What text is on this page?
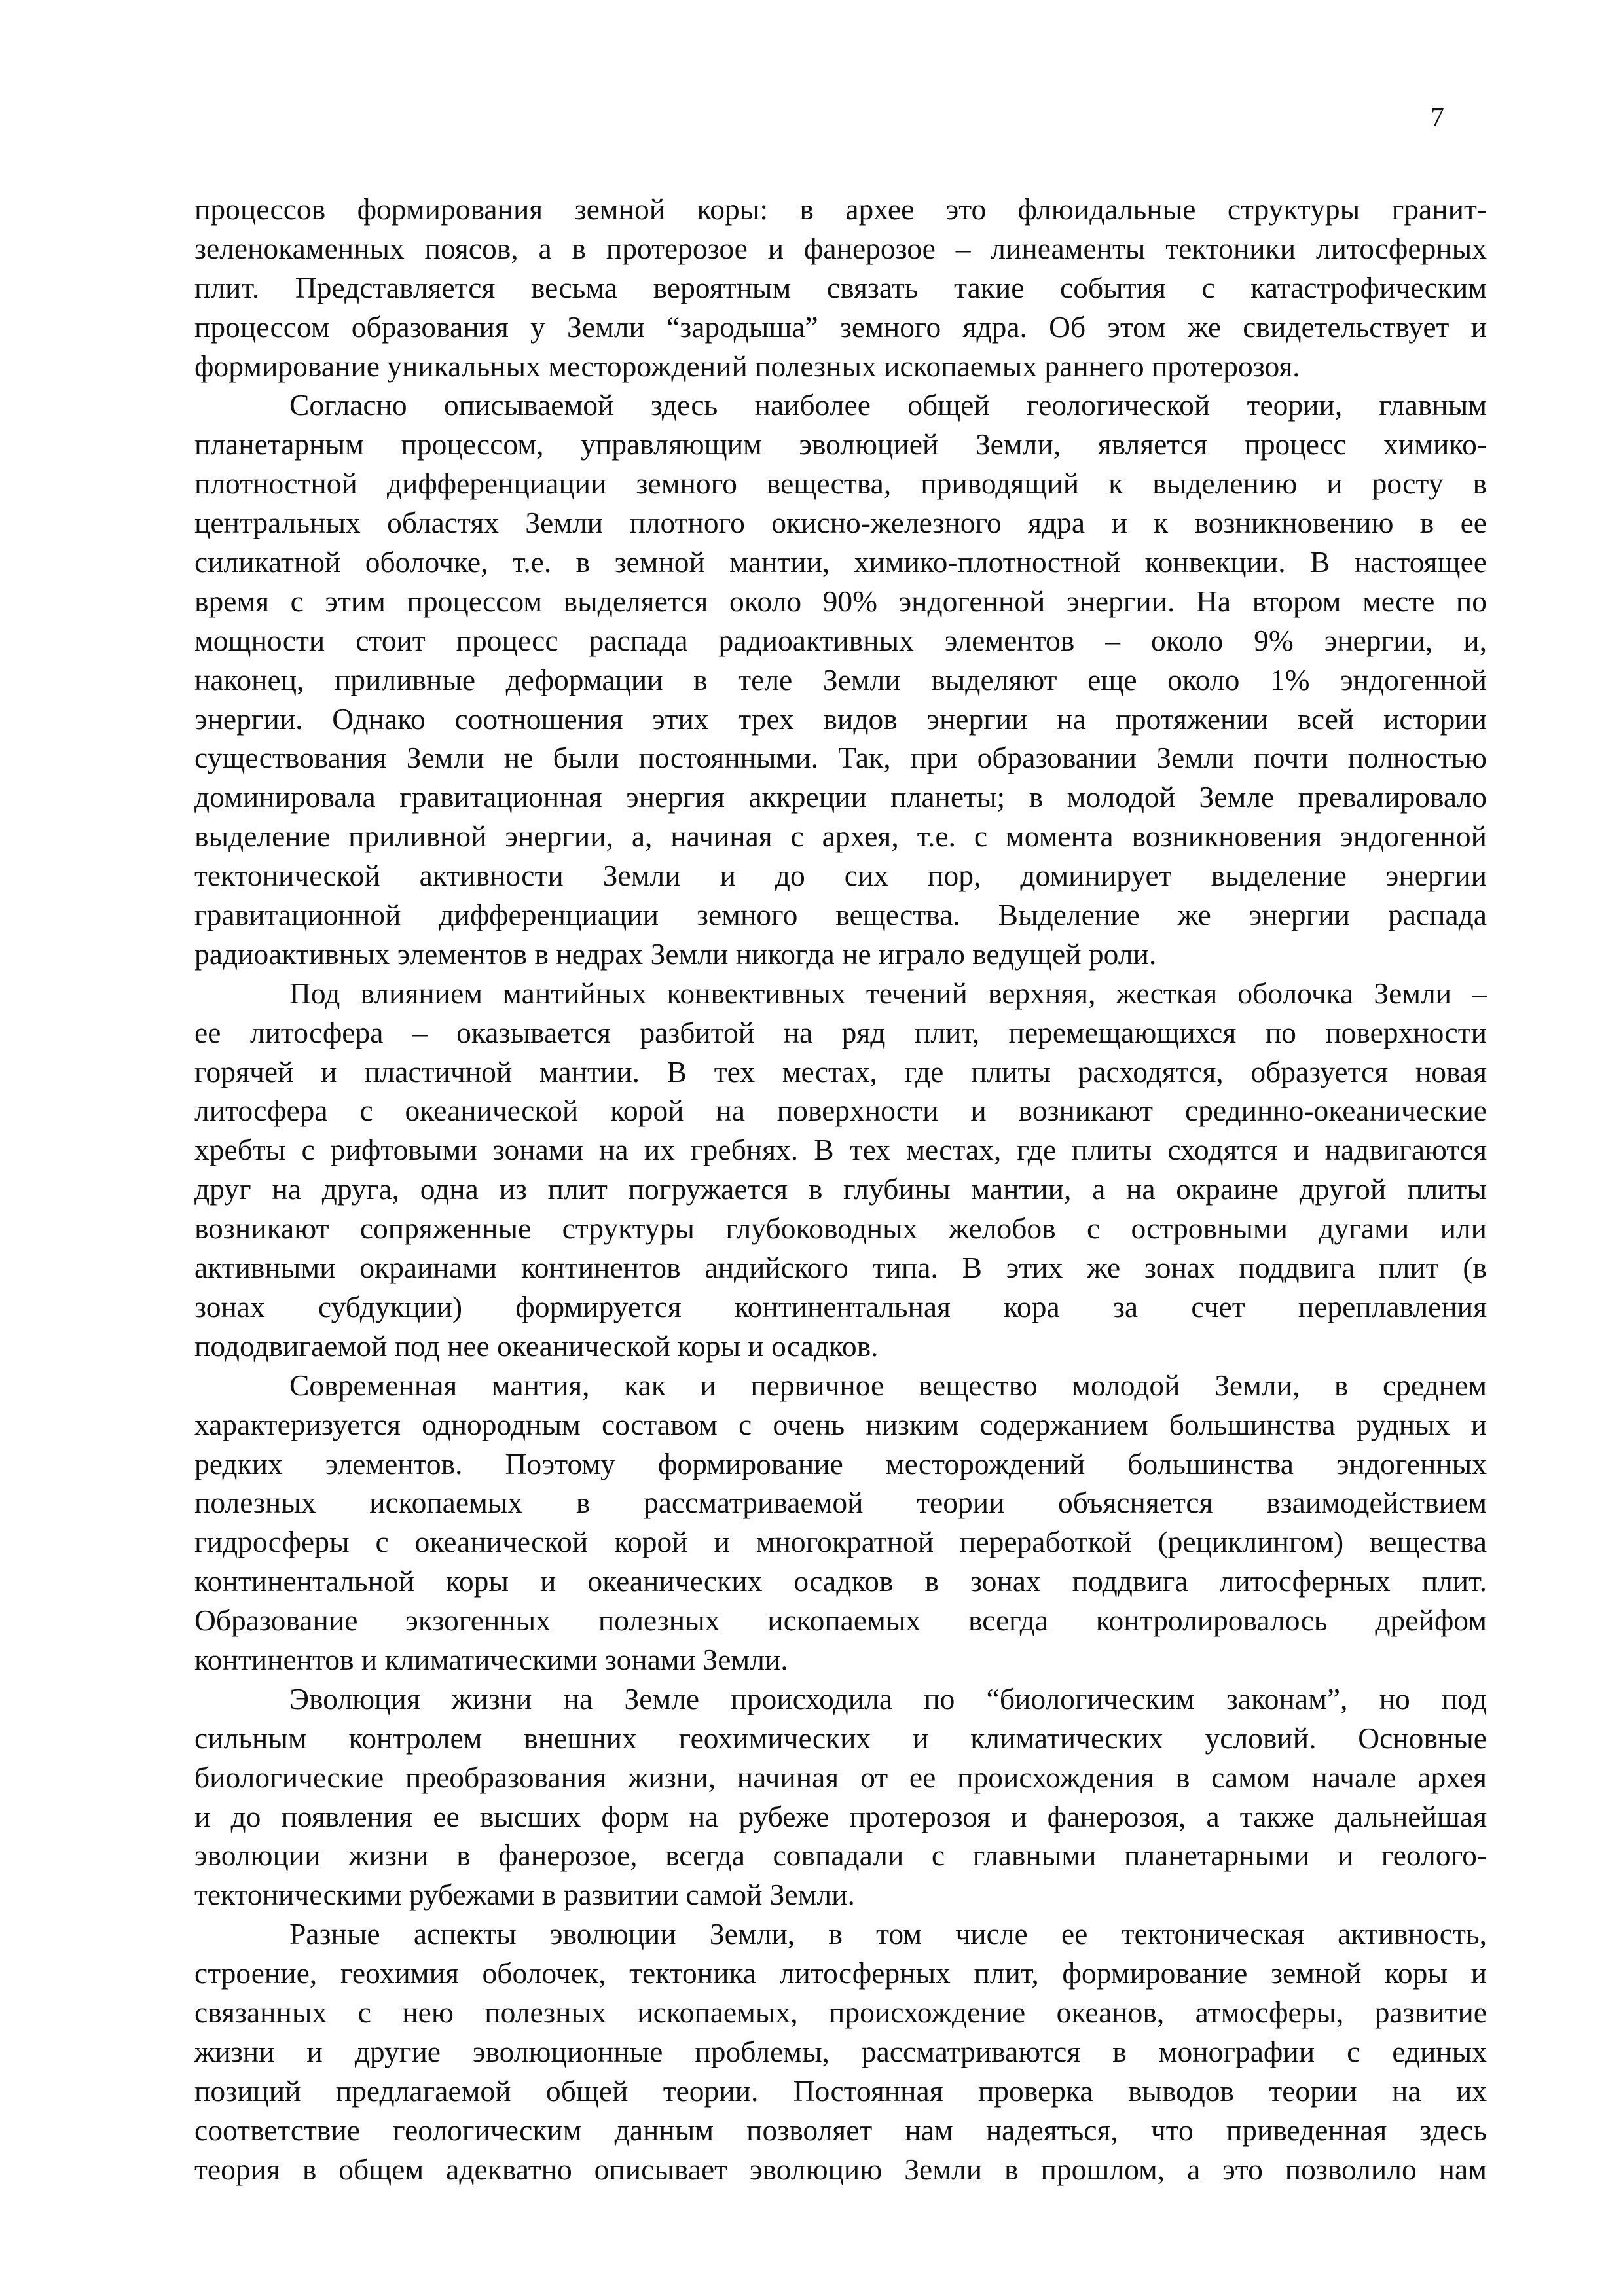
7
процессов формирования земной коры: в архее это флюидальные структуры гранит-
зеленокаменных поясов, а в протерозое и фанерозое – линеаменты тектоники литосферных
плит. Представляется весьма вероятным связать такие события с катастрофическим
процессом образования у Земли “зародыша” земного ядра. Об этом же свидетельствует и
формирование уникальных месторождений полезных ископаемых раннего протерозоя.
Согласно описываемой здесь наиболее общей геологической теории, главным
планетарным процессом, управляющим эволюцией Земли, является процесс химико-
плотностной дифференциации земного вещества, приводящий к выделению и росту в
центральных областях Земли плотного окисно-железного ядра и к возникновению в ее
силикатной оболочке, т.е. в земной мантии, химико-плотностной конвекции. В настоящее
время с этим процессом выделяется около 90% эндогенной энергии. На втором месте по
мощности стоит процесс распада радиоактивных элементов – около 9% энергии, и,
наконец, приливные деформации в теле Земли выделяют еще около 1% эндогенной
энергии. Однако соотношения этих трех видов энергии на протяжении всей истории
существования Земли не были постоянными. Так, при образовании Земли почти полностью
доминировала гравитационная энергия аккреции планеты; в молодой Земле превалировало
выделение приливной энергии, а, начиная с архея, т.е. с момента возникновения эндогенной
тектонической активности Земли и до сих пор, доминирует выделение энергии
гравитационной дифференциации земного вещества. Выделение же энергии распада
радиоактивных элементов в недрах Земли никогда не играло ведущей роли.
Под влиянием мантийных конвективных течений верхняя, жесткая оболочка Земли –
ее литосфера – оказывается разбитой на ряд плит, перемещающихся по поверхности
горячей и пластичной мантии. В тех местах, где плиты расходятся, образуется новая
литосфера с океанической корой на поверхности и возникают срединно-океанические
хребты с рифтовыми зонами на их гребнях. В тех местах, где плиты сходятся и надвигаются
друг на друга, одна из плит погружается в глубины мантии, а на окраине другой плиты
возникают сопряженные структуры глубоководных желобов с островными дугами или
активными окраинами континентов андийского типа. В этих же зонах поддвига плит (в
зонах субдукции) формируется континентальная кора за счет переплавления
пододвигаемой под нее океанической коры и осадков.
Современная мантия, как и первичное вещество молодой Земли, в среднем
характеризуется однородным составом с очень низким содержанием большинства рудных и
редких элементов. Поэтому формирование месторождений большинства эндогенных
полезных ископаемых в рассматриваемой теории объясняется взаимодействием
гидросферы с океанической корой и многократной переработкой (рециклингом) вещества
континентальной коры и океанических осадков в зонах поддвига литосферных плит.
Образование экзогенных полезных ископаемых всегда контролировалось дрейфом
континентов и климатическими зонами Земли.
Эволюция жизни на Земле происходила по “биологическим законам”, но под
сильным контролем внешних геохимических и климатических условий. Основные
биологические преобразования жизни, начиная от ее происхождения в самом начале архея
и до появления ее высших форм на рубеже протерозоя и фанерозоя, а также дальнейшая
эволюции жизни в фанерозое, всегда совпадали с главными планетарными и геолого-
тектоническими рубежами в развитии самой Земли.
Разные аспекты эволюции Земли, в том числе ее тектоническая активность,
строение, геохимия оболочек, тектоника литосферных плит, формирование земной коры и
связанных с нею полезных ископаемых, происхождение океанов, атмосферы, развитие
жизни и другие эволюционные проблемы, рассматриваются в монографии с единых
позиций предлагаемой общей теории. Постоянная проверка выводов теории на их
соответствие геологическим данным позволяет нам надеяться, что приведенная здесь
теория в общем адекватно описывает эволюцию Земли в прошлом, а это позволило нам
